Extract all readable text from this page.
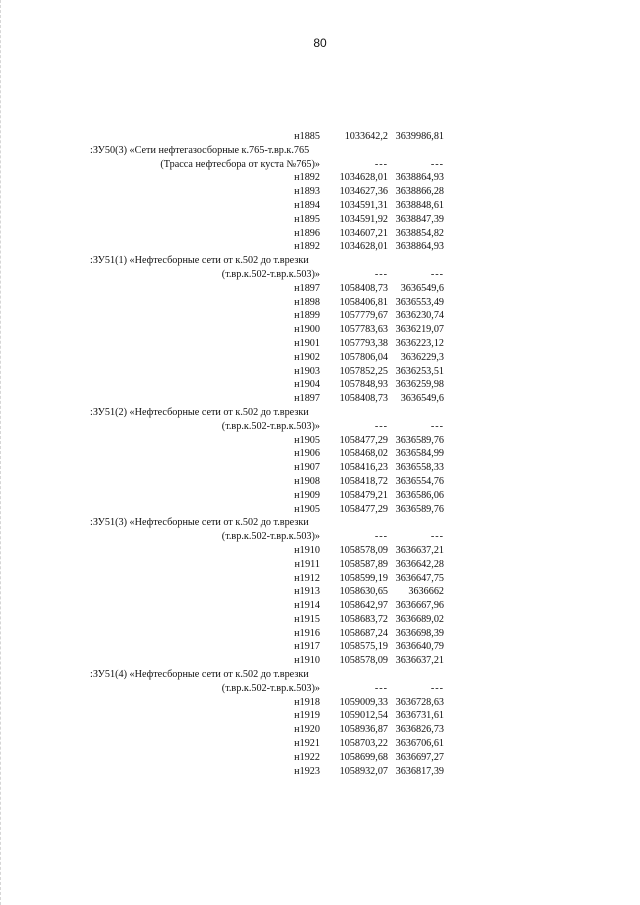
80
н1885 1033642,2 3639986,81
:ЗУ50(3) «Сети нефтегазосборные к.765-т.вр.к.765
(Трасса нефтесбора от куста №765)»	---	---
н1892 1034628,01 3638864,93
н1893 1034627,36 3638866,28
н1894 1034591,31 3638848,61
н1895 1034591,92 3638847,39
н1896 1034607,21 3638854,82
н1892 1034628,01 3638864,93
:ЗУ51(1) «Нефтесборные сети от к.502 до т.врезки
(т.вр.к.502-т.вр.к.503)»	---	---
н1897 1058408,73 3636549,6
н1898 1058406,81 3636553,49
н1899 1057779,67 3636230,74
н1900 1057783,63 3636219,07
н1901 1057793,38 3636223,12
н1902 1057806,04 3636229,3
н1903 1057852,25 3636253,51
н1904 1057848,93 3636259,98
н1897 1058408,73 3636549,6
:ЗУ51(2) «Нефтесборные сети от к.502 до т.врезки
(т.вр.к.502-т.вр.к.503)»	---	---
н1905 1058477,29 3636589,76
н1906 1058468,02 3636584,99
н1907 1058416,23 3636558,33
н1908 1058418,72 3636554,76
н1909 1058479,21 3636586,06
н1905 1058477,29 3636589,76
:ЗУ51(3) «Нефтесборные сети от к.502 до т.врезки
(т.вр.к.502-т.вр.к.503)»	---	---
н1910 1058578,09 3636637,21
н1911 1058587,89 3636642,28
н1912 1058599,19 3636647,75
н1913 1058630,65 3636662
н1914 1058642,97 3636667,96
н1915 1058683,72 3636689,02
н1916 1058687,24 3636698,39
н1917 1058575,19 3636640,79
н1910 1058578,09 3636637,21
:ЗУ51(4) «Нефтесборные сети от к.502 до т.врезки
(т.вр.к.502-т.вр.к.503)»	---	---
н1918 1059009,33 3636728,63
н1919 1059012,54 3636731,61
н1920 1058936,87 3636826,73
н1921 1058703,22 3636706,61
н1922 1058699,68 3636697,27
н1923 1058932,07 3636817,39
